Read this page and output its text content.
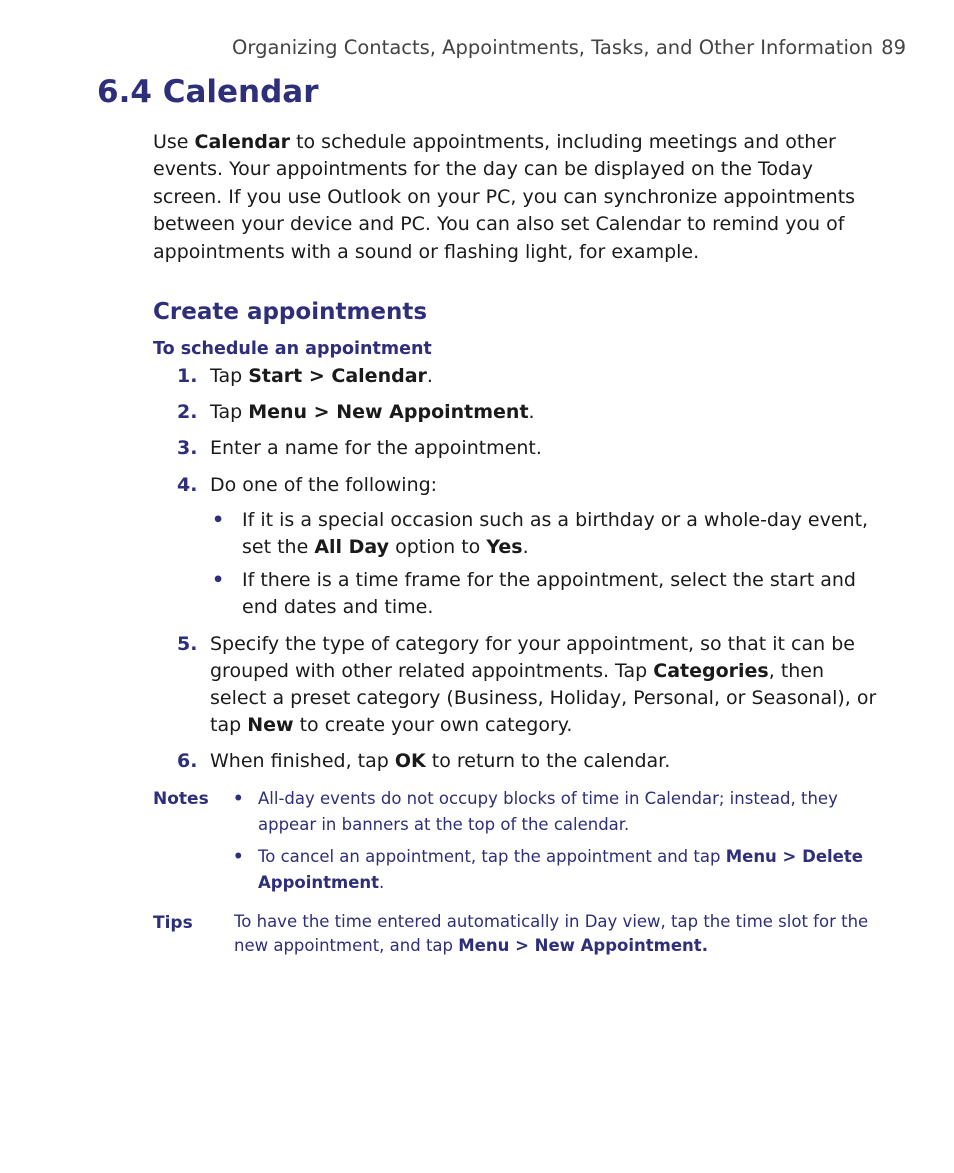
Organizing Contacts, Appointments, Tasks, and Other Information 89
6.4 Calendar

Use Calendar to schedule appointments, including meetings and other events. Your appointments for the day can be displayed on the Today screen. If you use Outlook on your PC, you can synchronize appointments between your device and PC. You can also set Calendar to remind you of appointments with a sound or flashing light, for example.

Create appointments
To schedule an appointment
1. Tap Start > Calendar.
2. Tap Menu > New Appointment.
3. Enter a name for the appointment.
4. Do one of the following:
• If it is a special occasion such as a birthday or a whole-day event, set the All Day option to Yes.
• If there is a time frame for the appointment, select the start and end dates and time.
5. Specify the type of category for your appointment, so that it can be grouped with other related appointments. Tap Categories, then select a preset category (Business, Holiday, Personal, or Seasonal), or tap New to create your own category.
6. When finished, tap OK to return to the calendar.
Notes • All-day events do not occupy blocks of time in Calendar; instead, they appear in banners at the top of the calendar.
• To cancel an appointment, tap the appointment and tap Menu > Delete Appointment.
Tips	To have the time entered automatically in Day view, tap the time slot for the new appointment, and tap Menu > New Appointment.
